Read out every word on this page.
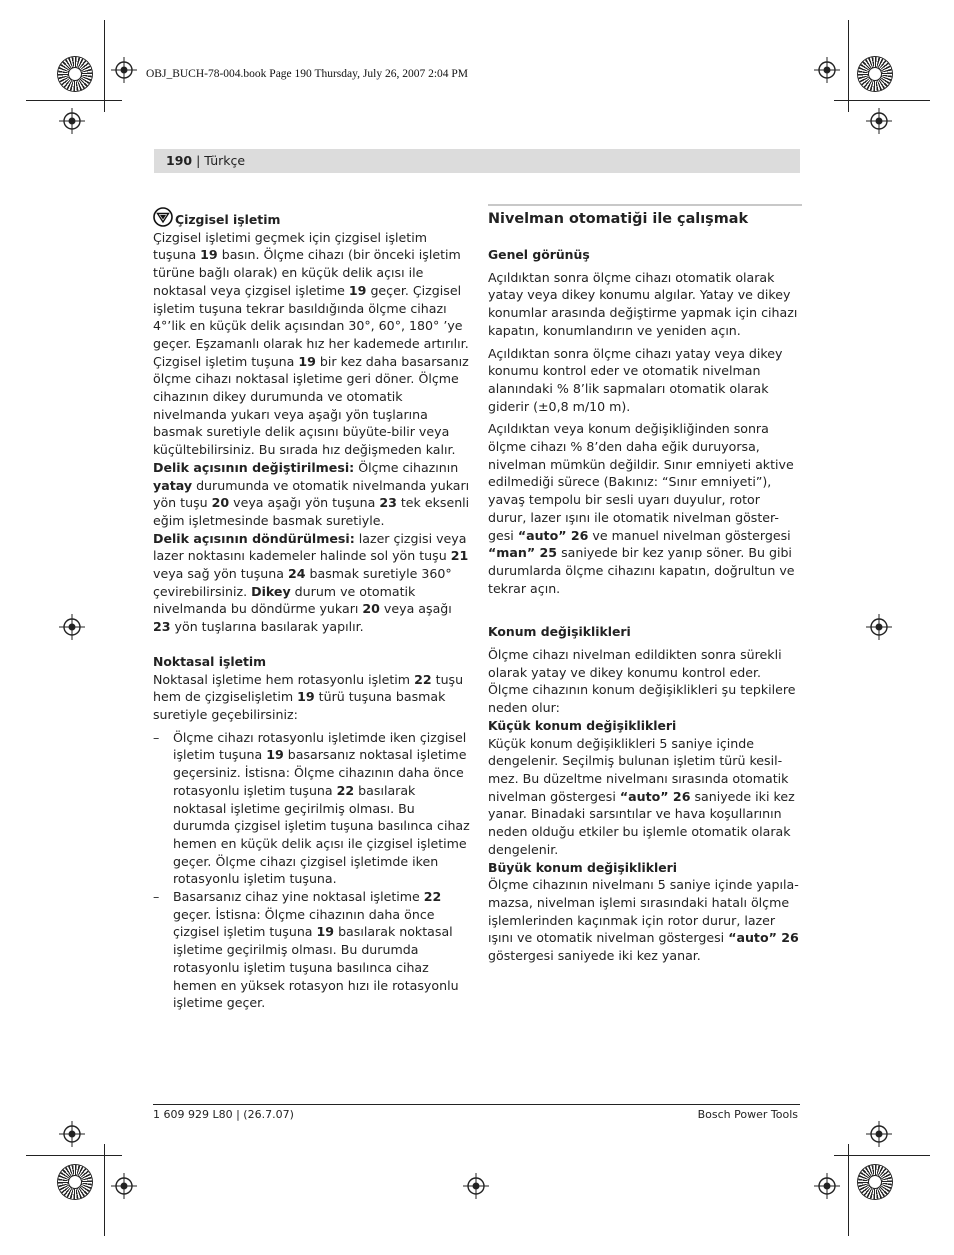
OBJ_BUCH-78-004.book Page 190 Thursday, July 26, 2007 2:04 PM
190 | Türkçe
Çizgisel işletim

Çizgisel işletimi geçmek için çizgisel işletim tuşuna 19 basın. Ölçme cihazı (bir önceki işletim türüne bağlı olarak) en küçük delik açısı ile noktasal veya çizgisel işletime 19 geçer. Çizgisel işletim tuşuna tekrar basıldığında ölçme cihazı 4°’lik en küçük delik açısından 30°, 60°, 180° ’ye geçer. Eşzamanlı olarak hız her kademede artırılır. Çizgisel işletim tuşuna 19 bir kez daha basarsanız ölçme cihazı noktasal işletime geri döner. Ölçme cihazının dikey durumunda ve otomatik nivelmanda yukarı veya aşağı yön tuşlarına basmak suretiyle delik açısını büyüte-bilir veya küçültebilirsiniz. Bu sırada hız değişmeden kalır.

Delik açısının değiştirilmesi: Ölçme cihazının yatay durumunda ve otomatik nivelmanda yukarı yön tuşu 20 veya aşağı yön tuşuna 23 tek eksenli eğim işletmesinde basmak suretiyle.

Delik açısının döndürülmesi: lazer çizgisi veya lazer noktasını kademeler halinde sol yön tuşu 21 veya sağ yön tuşuna 24 basmak suretiyle 360° çevirebilirsiniz. Dikey durum ve otomatik nivelmanda bu döndürme yukarı 20 veya aşağı 23 yön tuşlarına basılarak yapılır.

Noktasal işletim

Noktasal işletime hem rotasyonlu işletim 22 tuşu hem de çizgiselişletim 19 türü tuşuna basmak suretiyle geçebilirsiniz:

– Ölçme cihazı rotasyonlu işletimde iken çizgisel işletim tuşuna 19 basarsanız noktasal işletime geçersiniz. İstisna: Ölçme cihazının daha önce rotasyonlu işletim tuşuna 22 basılarak noktasal işletime geçirilmiş olması. Bu durumda çizgisel işletim tuşuna basılınca cihaz hemen en küçük delik açısı ile çizgisel işletime geçer. Ölçme cihazı çizgisel işletimde iken rotasyonlu işletim tuşuna.
– Basarsanız cihaz yine noktasal işletime 22 geçer. İstisna: Ölçme cihazının daha önce çizgisel işletim tuşuna 19 basılarak noktasal işletime geçirilmiş olması. Bu durumda rotasyonlu işletim tuşuna basılınca cihaz hemen en yüksek rotasyon hızı ile rotasyonlu işletime geçer.
Nivelman otomatiği ile çalışmak
Genel görünüş

Açıldıktan sonra ölçme cihazı otomatik olarak yatay veya dikey konumu algılar. Yatay ve dikey konumlar arasında değiştirme yapmak için cihazı kapatın, konumlandırın ve yeniden açın.

Açıldıktan sonra ölçme cihazı yatay veya dikey konumu kontrol eder ve otomatik nivelman alanındaki % 8’lik sapmaları otomatik olarak giderir (±0,8 m/10 m).

Açıldıktan veya konum değişikliğinden sonra ölçme cihazı % 8’den daha eğik duruyorsa, nivelman mümkün değildir. Sınır emniyeti aktive edilmediği sürece (Bakınız: “Sınır emniyeti”), yavaş tempolu bir sesli uyarı duyulur, rotor durur, lazer ışını ile otomatik nivelman göster-gesi “auto” 26 ve manuel nivelman göstergesi “man” 25 saniyede bir kez yanıp söner. Bu gibi durumlarda ölçme cihazını kapatın, doğrultun ve tekrar açın.

Konum değişiklikleri

Ölçme cihazı nivelman edildikten sonra sürekli olarak yatay ve dikey konumu kontrol eder. Ölçme cihazının konum değişiklikleri şu tepkilere neden olur:

Küçük konum değişiklikleri

Küçük konum değişiklikleri 5 saniye içinde dengelenir. Seçilmiş bulunan işletim türü kesil-mez. Bu düzeltme nivelmanı sırasında otomatik nivelman göstergesi “auto” 26 saniyede iki kez yanar. Binadaki sarsıntılar ve hava koşullarının neden olduğu etkiler bu işlemle otomatik olarak dengelenir.

Büyük konum değişiklikleri

Ölçme cihazının nivelmanı 5 saniye içinde yapıla-mazsa, nivelman işlemi sırasındaki hatalı ölçme işlemlerinden kaçınmak için rotor durur, lazer ışını ve otomatik nivelman göstergesi “auto” 26 göstergesi saniyede iki kez yanar.

1 609 929 L80 | (26.7.07)	Bosch Power Tools
